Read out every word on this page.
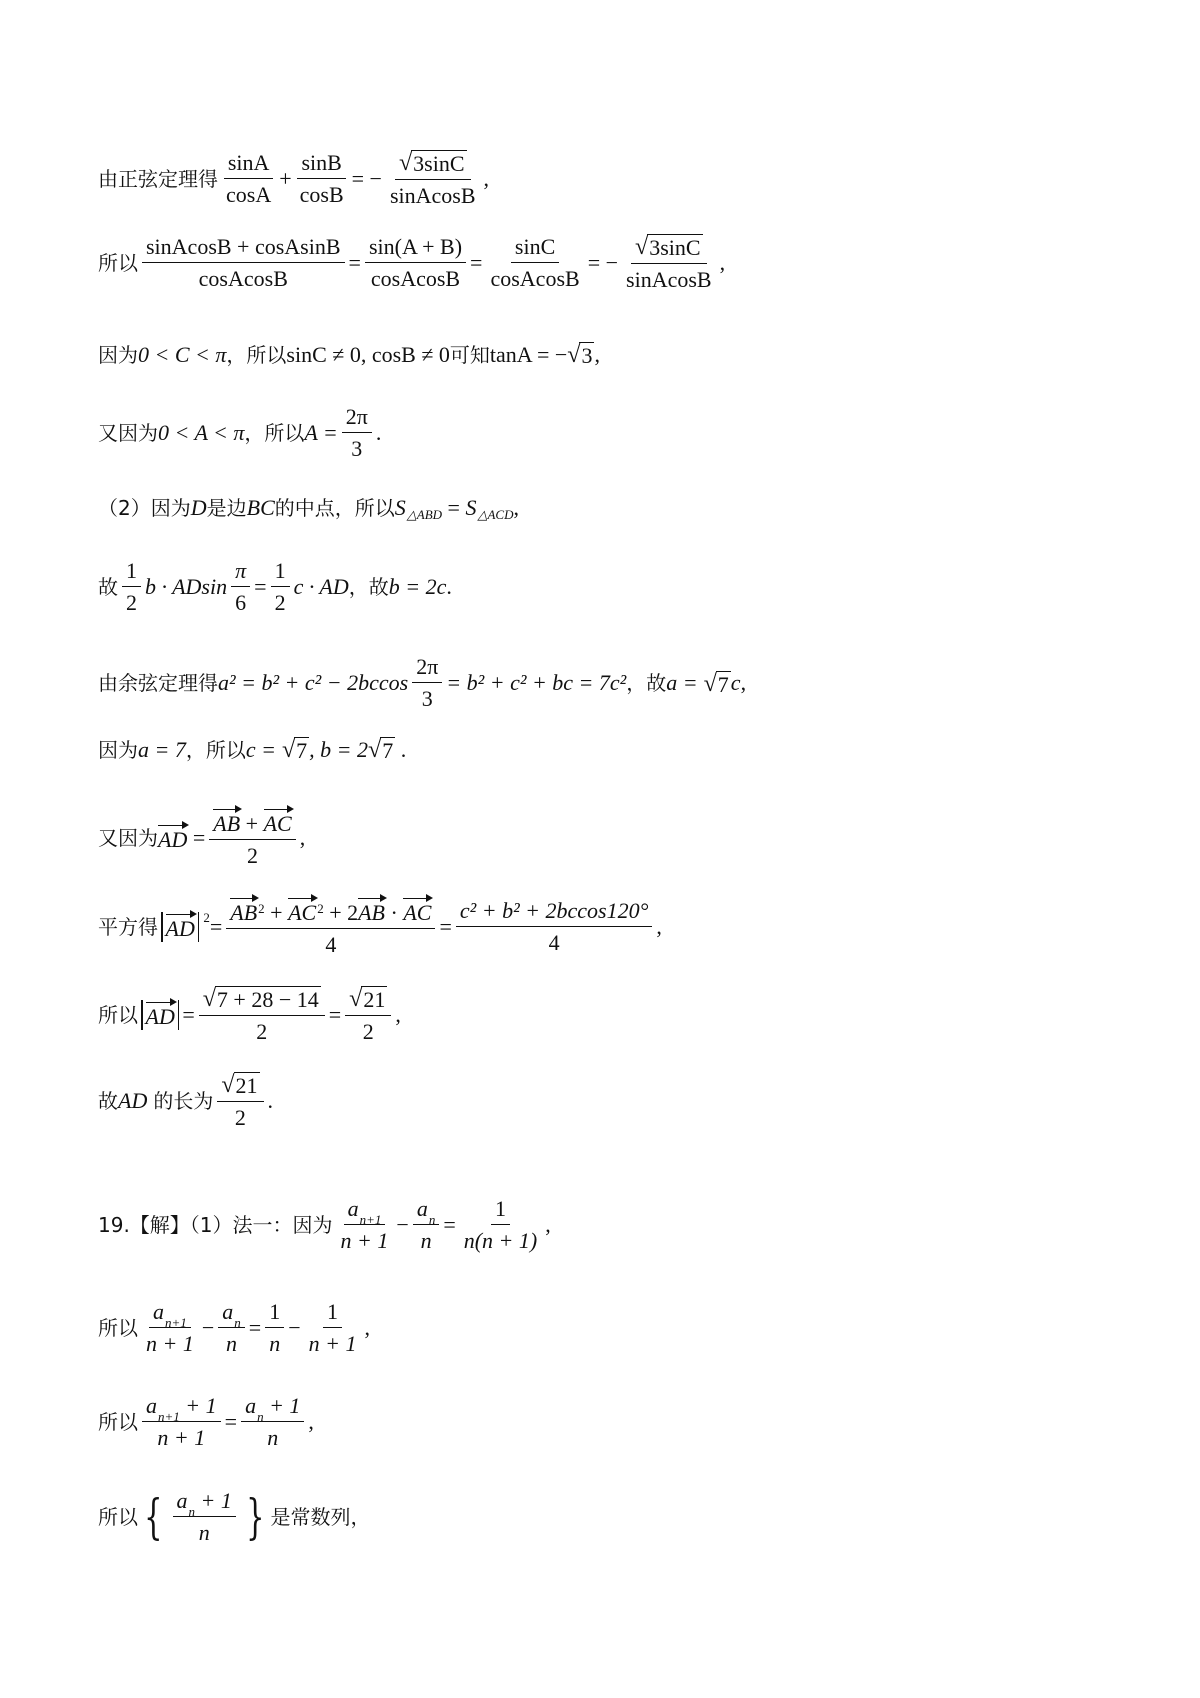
由正弦定理得 $\frac{\sin A}{\cos A} + \frac{\sin B}{\cos B}$ = − $\frac{√ 3\sin C}{\text{sinAcosB}}$ ,
所以 $\frac{\text{sinAcosB + cosAsinB}}{\text{cosAcosB}} = \frac{\sin(A + B)}{\text{cosAcosB}} = \frac{\sin C}{\text{cosAcosB}}$ = − $\frac{√ 3\sin C}{\text{sinAcosB}}$ ,
因为 0 < C < π ，所以 sinC ≠ 0, cosB ≠ 0 可知 tanA = − √ 3 ,
又因为 0 < A < π ，所以 $A = \frac{2\pi}{3}$ .
（2）因为 D 是边 BC 的中点，所以 S △ABD = S △ACD ,
故 $\frac{1}{2}$ b · ADsin $\frac{\pi}{6} = \frac{1}{2}$ c · AD ，故 b = 2c .
由余弦定理得 $a^2 = b^2 + c^2 - 2bccos \frac{2\pi}{3} = b^2 + c^2$ + bc = 7c² ，故 a = √ 7 c ,
因为 a = 7 ，所以 c = √ 7 , b = 2 √ 7 .
又因为 AD = $\frac{AB + AC}{2}$ ,
平方得 AD 2 =
AB 2 + AC 2 + 2 AB · AC
4
= $\frac{\text{c² + b² + 2bccos120°}}{4}$ ,
所以 AD = $\frac{√ 7 + 28 - 14}{2} = \frac{√ 21}{2}$ ,
故 AD 的长为 $\frac{√ 21}{2}$ .
19.【解】（1）法一：因为 $\frac{\text{a n+1}}{n + 1} - \frac{\text{a n}}{n} = \frac{1}{n(n + 1)}$ ,
所以 $\frac{\text{a n+1}}{n + 1} - \frac{\text{a n}}{n} = \frac{1}{n} - \frac{1}{n + 1}$ ,
所以 $\frac{\text{a n+1 + 1}}{n + 1} = \frac{\text{a n + 1}}{n}$ ,
所以 { $\frac{\text{a n + 1}}{n}$ } 是常数列，
